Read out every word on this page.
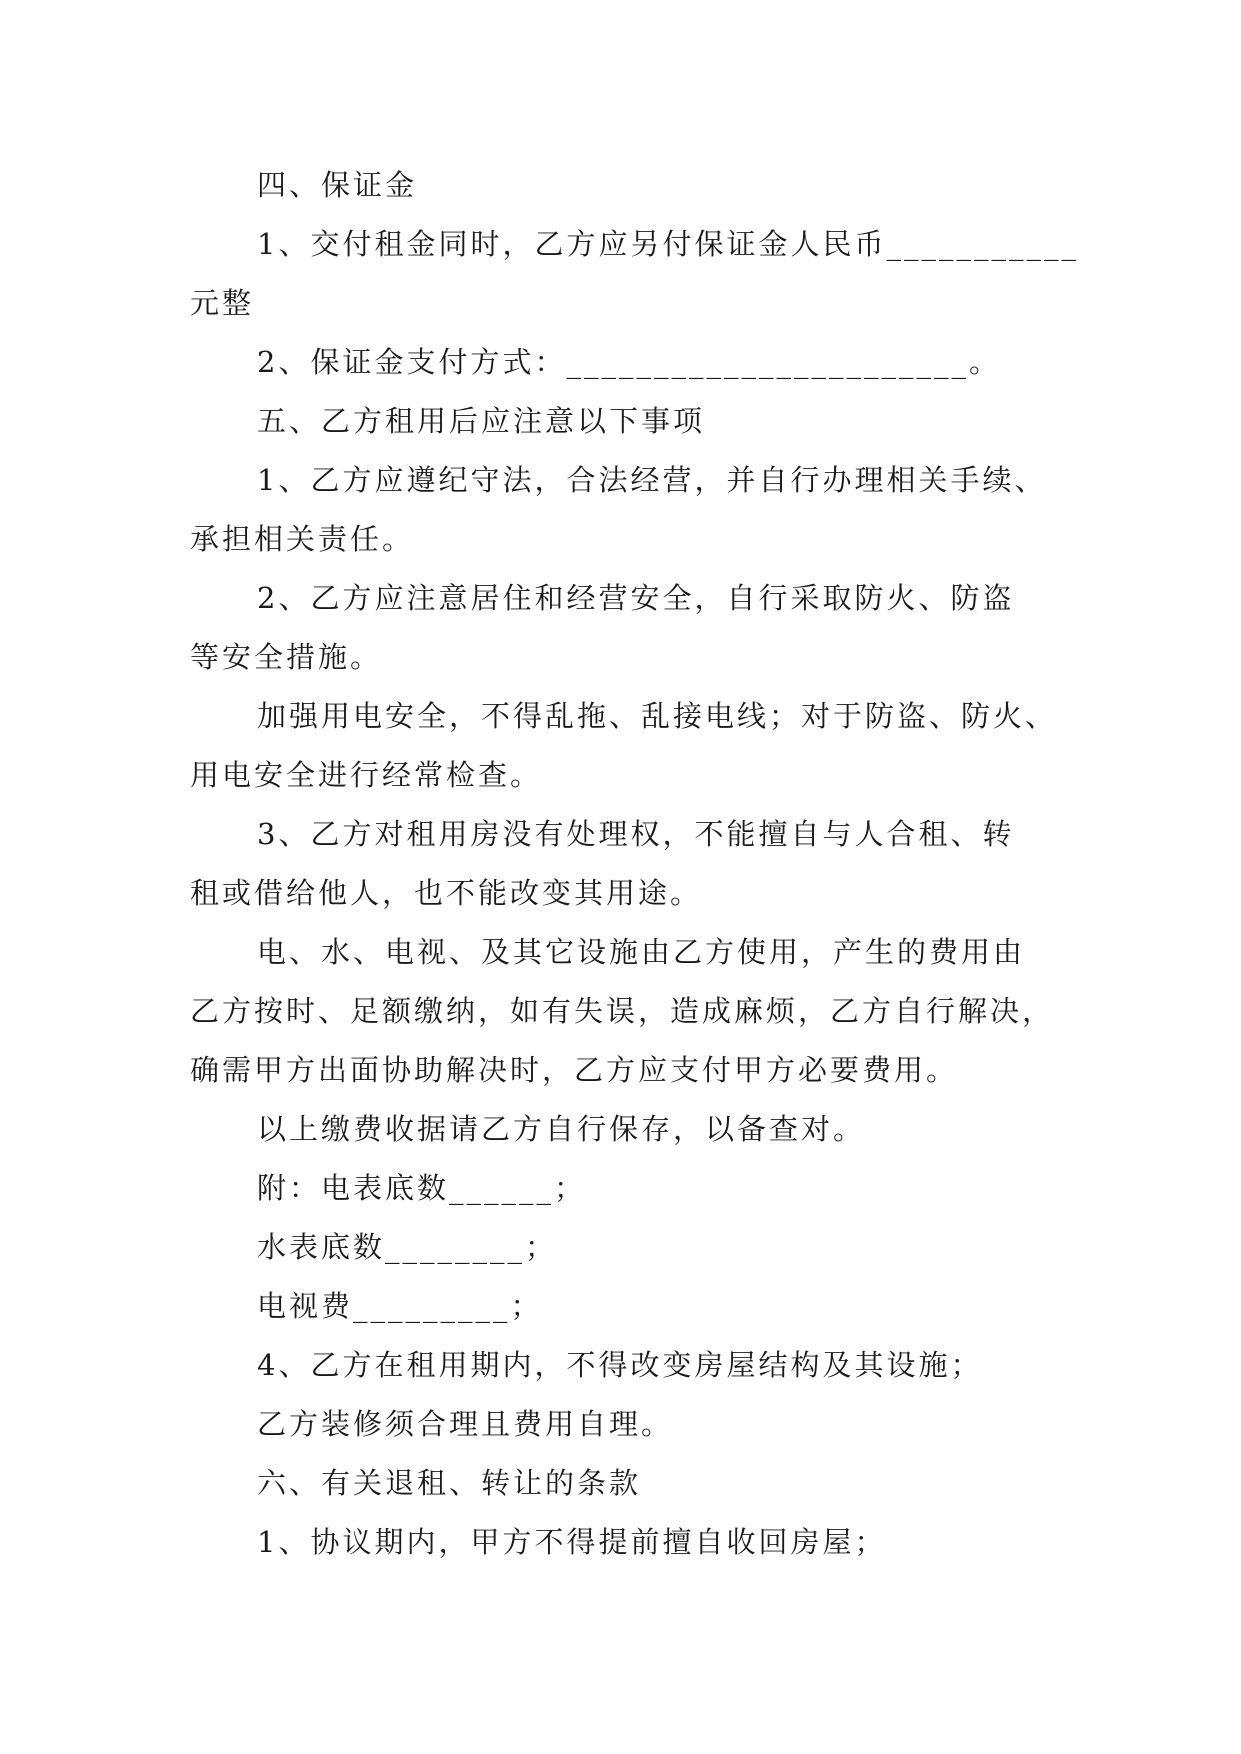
四、保证金
1、交付租金同时，乙方应另付保证金人民币___________
元整
2、保证金支付方式：_______________________。
五、乙方租用后应注意以下事项
1、乙方应遵纪守法，合法经营，并自行办理相关手续、
承担相关责任。
2、乙方应注意居住和经营安全，自行采取防火、防盗
等安全措施。
加强用电安全，不得乱拖、乱接电线；对于防盗、防火、
用电安全进行经常检查。
3、乙方对租用房没有处理权，不能擅自与人合租、转
租或借给他人，也不能改变其用途。
电、水、电视、及其它设施由乙方使用，产生的费用由
乙方按时、足额缴纳，如有失误，造成麻烦，乙方自行解决，
确需甲方出面协助解决时，乙方应支付甲方必要费用。
以上缴费收据请乙方自行保存，以备查对。
附：电表底数______；
水表底数________；
电视费_________；
4、乙方在租用期内，不得改变房屋结构及其设施；
乙方装修须合理且费用自理。
六、有关退租、转让的条款
1、协议期内，甲方不得提前擅自收回房屋；
